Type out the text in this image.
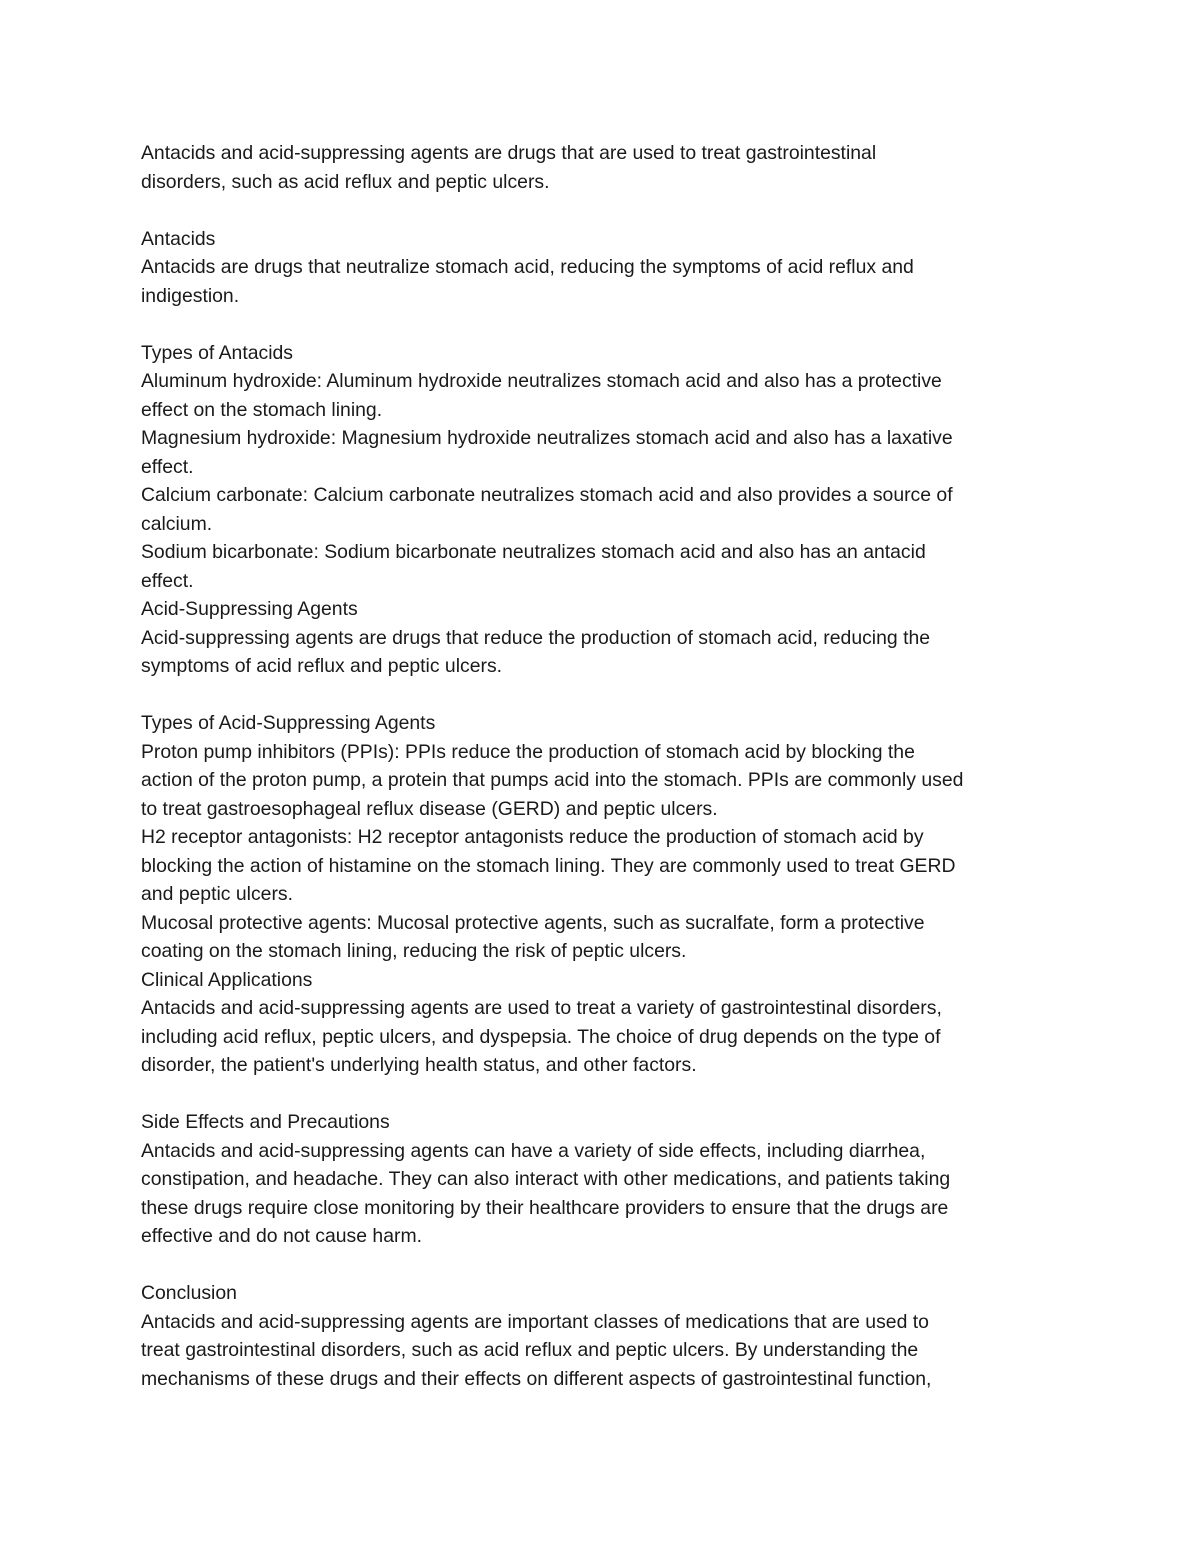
Antacids and acid-suppressing agents are drugs that are used to treat gastrointestinal
disorders, such as acid reflux and peptic ulcers.
Antacids
Antacids are drugs that neutralize stomach acid, reducing the symptoms of acid reflux and
indigestion.
Types of Antacids
Aluminum hydroxide: Aluminum hydroxide neutralizes stomach acid and also has a protective
effect on the stomach lining.
Magnesium hydroxide: Magnesium hydroxide neutralizes stomach acid and also has a laxative
effect.
Calcium carbonate: Calcium carbonate neutralizes stomach acid and also provides a source of
calcium.
Sodium bicarbonate: Sodium bicarbonate neutralizes stomach acid and also has an antacid
effect.
Acid-Suppressing Agents
Acid-suppressing agents are drugs that reduce the production of stomach acid, reducing the
symptoms of acid reflux and peptic ulcers.
Types of Acid-Suppressing Agents
Proton pump inhibitors (PPIs): PPIs reduce the production of stomach acid by blocking the
action of the proton pump, a protein that pumps acid into the stomach. PPIs are commonly used
to treat gastroesophageal reflux disease (GERD) and peptic ulcers.
H2 receptor antagonists: H2 receptor antagonists reduce the production of stomach acid by
blocking the action of histamine on the stomach lining. They are commonly used to treat GERD
and peptic ulcers.
Mucosal protective agents: Mucosal protective agents, such as sucralfate, form a protective
coating on the stomach lining, reducing the risk of peptic ulcers.
Clinical Applications
Antacids and acid-suppressing agents are used to treat a variety of gastrointestinal disorders,
including acid reflux, peptic ulcers, and dyspepsia. The choice of drug depends on the type of
disorder, the patient's underlying health status, and other factors.
Side Effects and Precautions
Antacids and acid-suppressing agents can have a variety of side effects, including diarrhea,
constipation, and headache. They can also interact with other medications, and patients taking
these drugs require close monitoring by their healthcare providers to ensure that the drugs are
effective and do not cause harm.
Conclusion
Antacids and acid-suppressing agents are important classes of medications that are used to
treat gastrointestinal disorders, such as acid reflux and peptic ulcers. By understanding the
mechanisms of these drugs and their effects on different aspects of gastrointestinal function,
